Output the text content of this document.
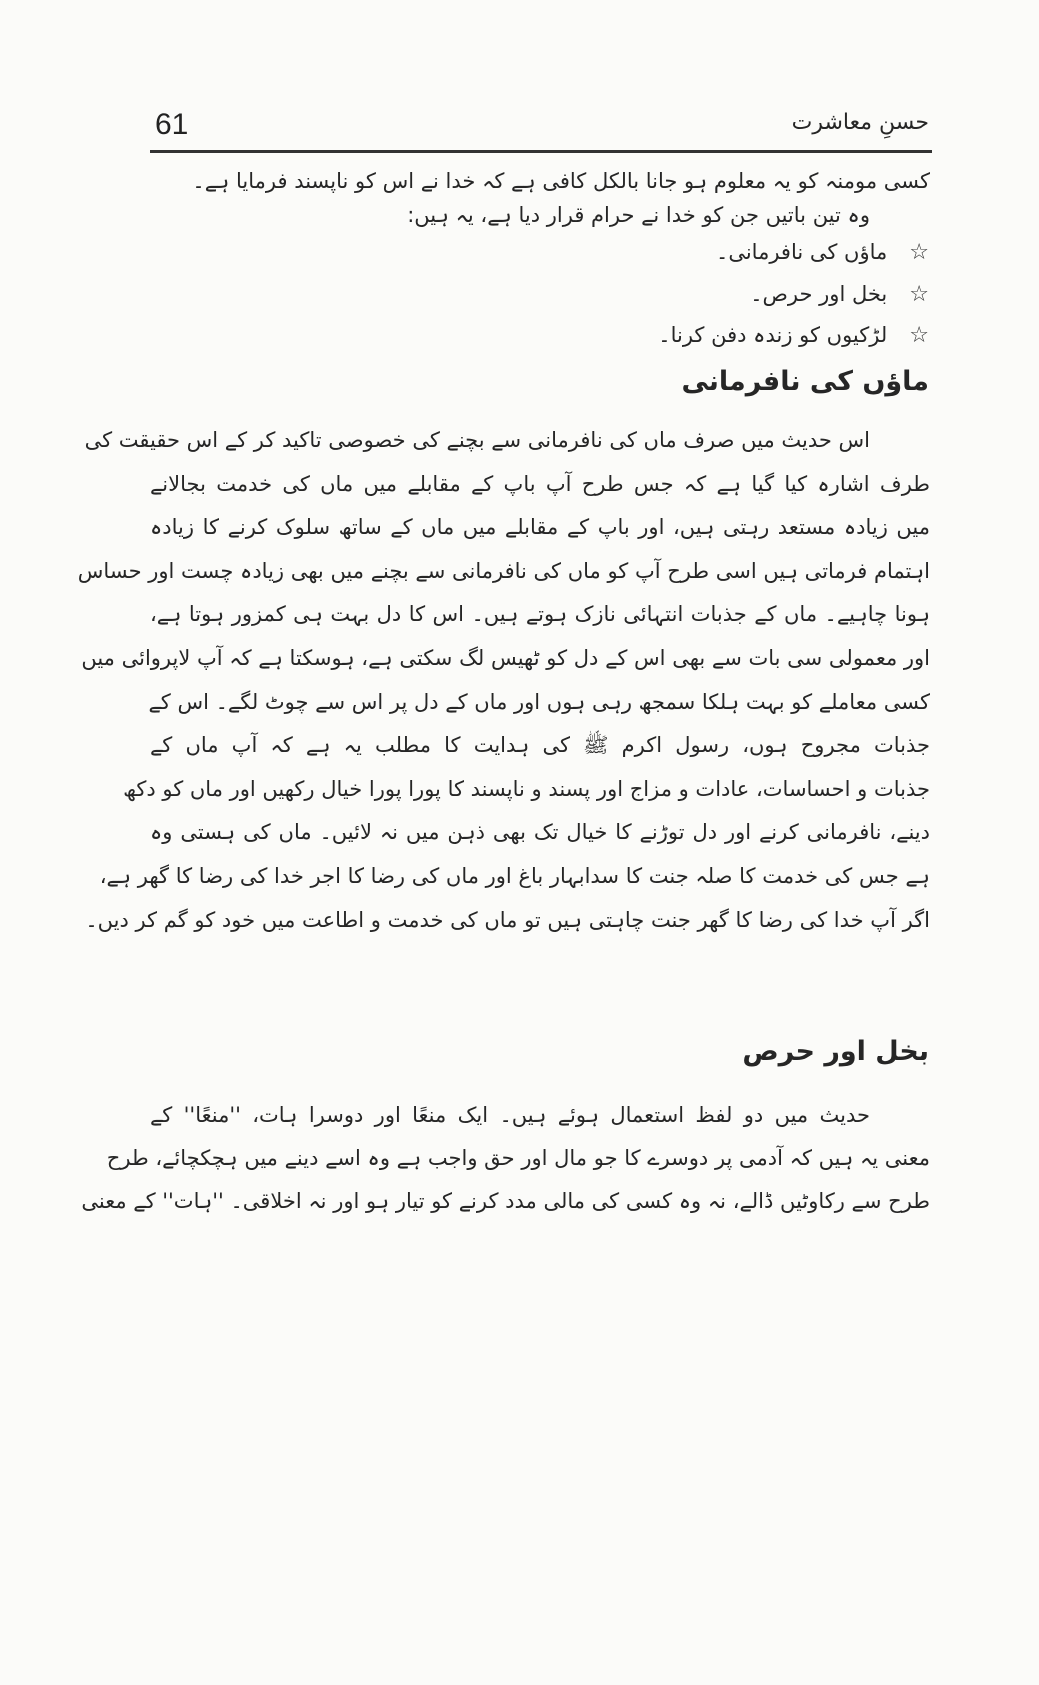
61	حسنِ معاشرت
کسی مومنہ کو یہ معلوم ہو جانا بالکل کافی ہے کہ خدا نے اس کو ناپسند فرمایا ہے۔
وہ تین باتیں جن کو خدا نے حرام قرار دیا ہے، یہ ہیں:
☆ماؤں کی نافرمانی۔
☆بخل اور حرص۔
☆لڑکیوں کو زندہ دفن کرنا۔
ماؤں کی نافرمانی
اس حدیث میں صرف ماں کی نافرمانی سے بچنے کی خصوصی تاکید کر کے اس حقیقت کی
طرف اشارہ کیا گیا ہے کہ جس طرح آپ باپ کے مقابلے میں ماں کی خدمت بجالانے
میں زیادہ مستعد رہتی ہیں، اور باپ کے مقابلے میں ماں کے ساتھ سلوک کرنے کا زیادہ
اہتمام فرماتی ہیں اسی طرح آپ کو ماں کی نافرمانی سے بچنے میں بھی زیادہ چست اور حساس
ہونا چاہیے۔ ماں کے جذبات انتہائی نازک ہوتے ہیں۔ اس کا دل بہت ہی کمزور ہوتا ہے،
اور معمولی سی بات سے بھی اس کے دل کو ٹھیس لگ سکتی ہے، ہوسکتا ہے کہ آپ لاپروائی میں
کسی معاملے کو بہت ہلکا سمجھ رہی ہوں اور ماں کے دل پر اس سے چوٹ لگے۔ اس کے
جذبات مجروح ہوں، رسول اکرم ﷺ کی ہدایت کا مطلب یہ ہے کہ آپ ماں کے
جذبات و احساسات، عادات و مزاج اور پسند و ناپسند کا پورا پورا خیال رکھیں اور ماں کو دکھ
دینے، نافرمانی کرنے اور دل توڑنے کا خیال تک بھی ذہن میں نہ لائیں۔ ماں کی ہستی وہ
ہے جس کی خدمت کا صلہ جنت کا سدابہار باغ اور ماں کی رضا کا اجر خدا کی رضا کا گھر ہے،
اگر آپ خدا کی رضا کا گھر جنت چاہتی ہیں تو ماں کی خدمت و اطاعت میں خود کو گم کر دیں۔
بخل اور حرص
حدیث میں دو لفظ استعمال ہوئے ہیں۔ ایک منعًا اور دوسرا ہات، ''منعًا'' کے
معنی یہ ہیں کہ آدمی پر دوسرے کا جو مال اور حق واجب ہے وہ اسے دینے میں ہچکچائے، طرح
طرح سے رکاوٹیں ڈالے، نہ وہ کسی کی مالی مدد کرنے کو تیار ہو اور نہ اخلاقی۔ ''ہات'' کے معنی
